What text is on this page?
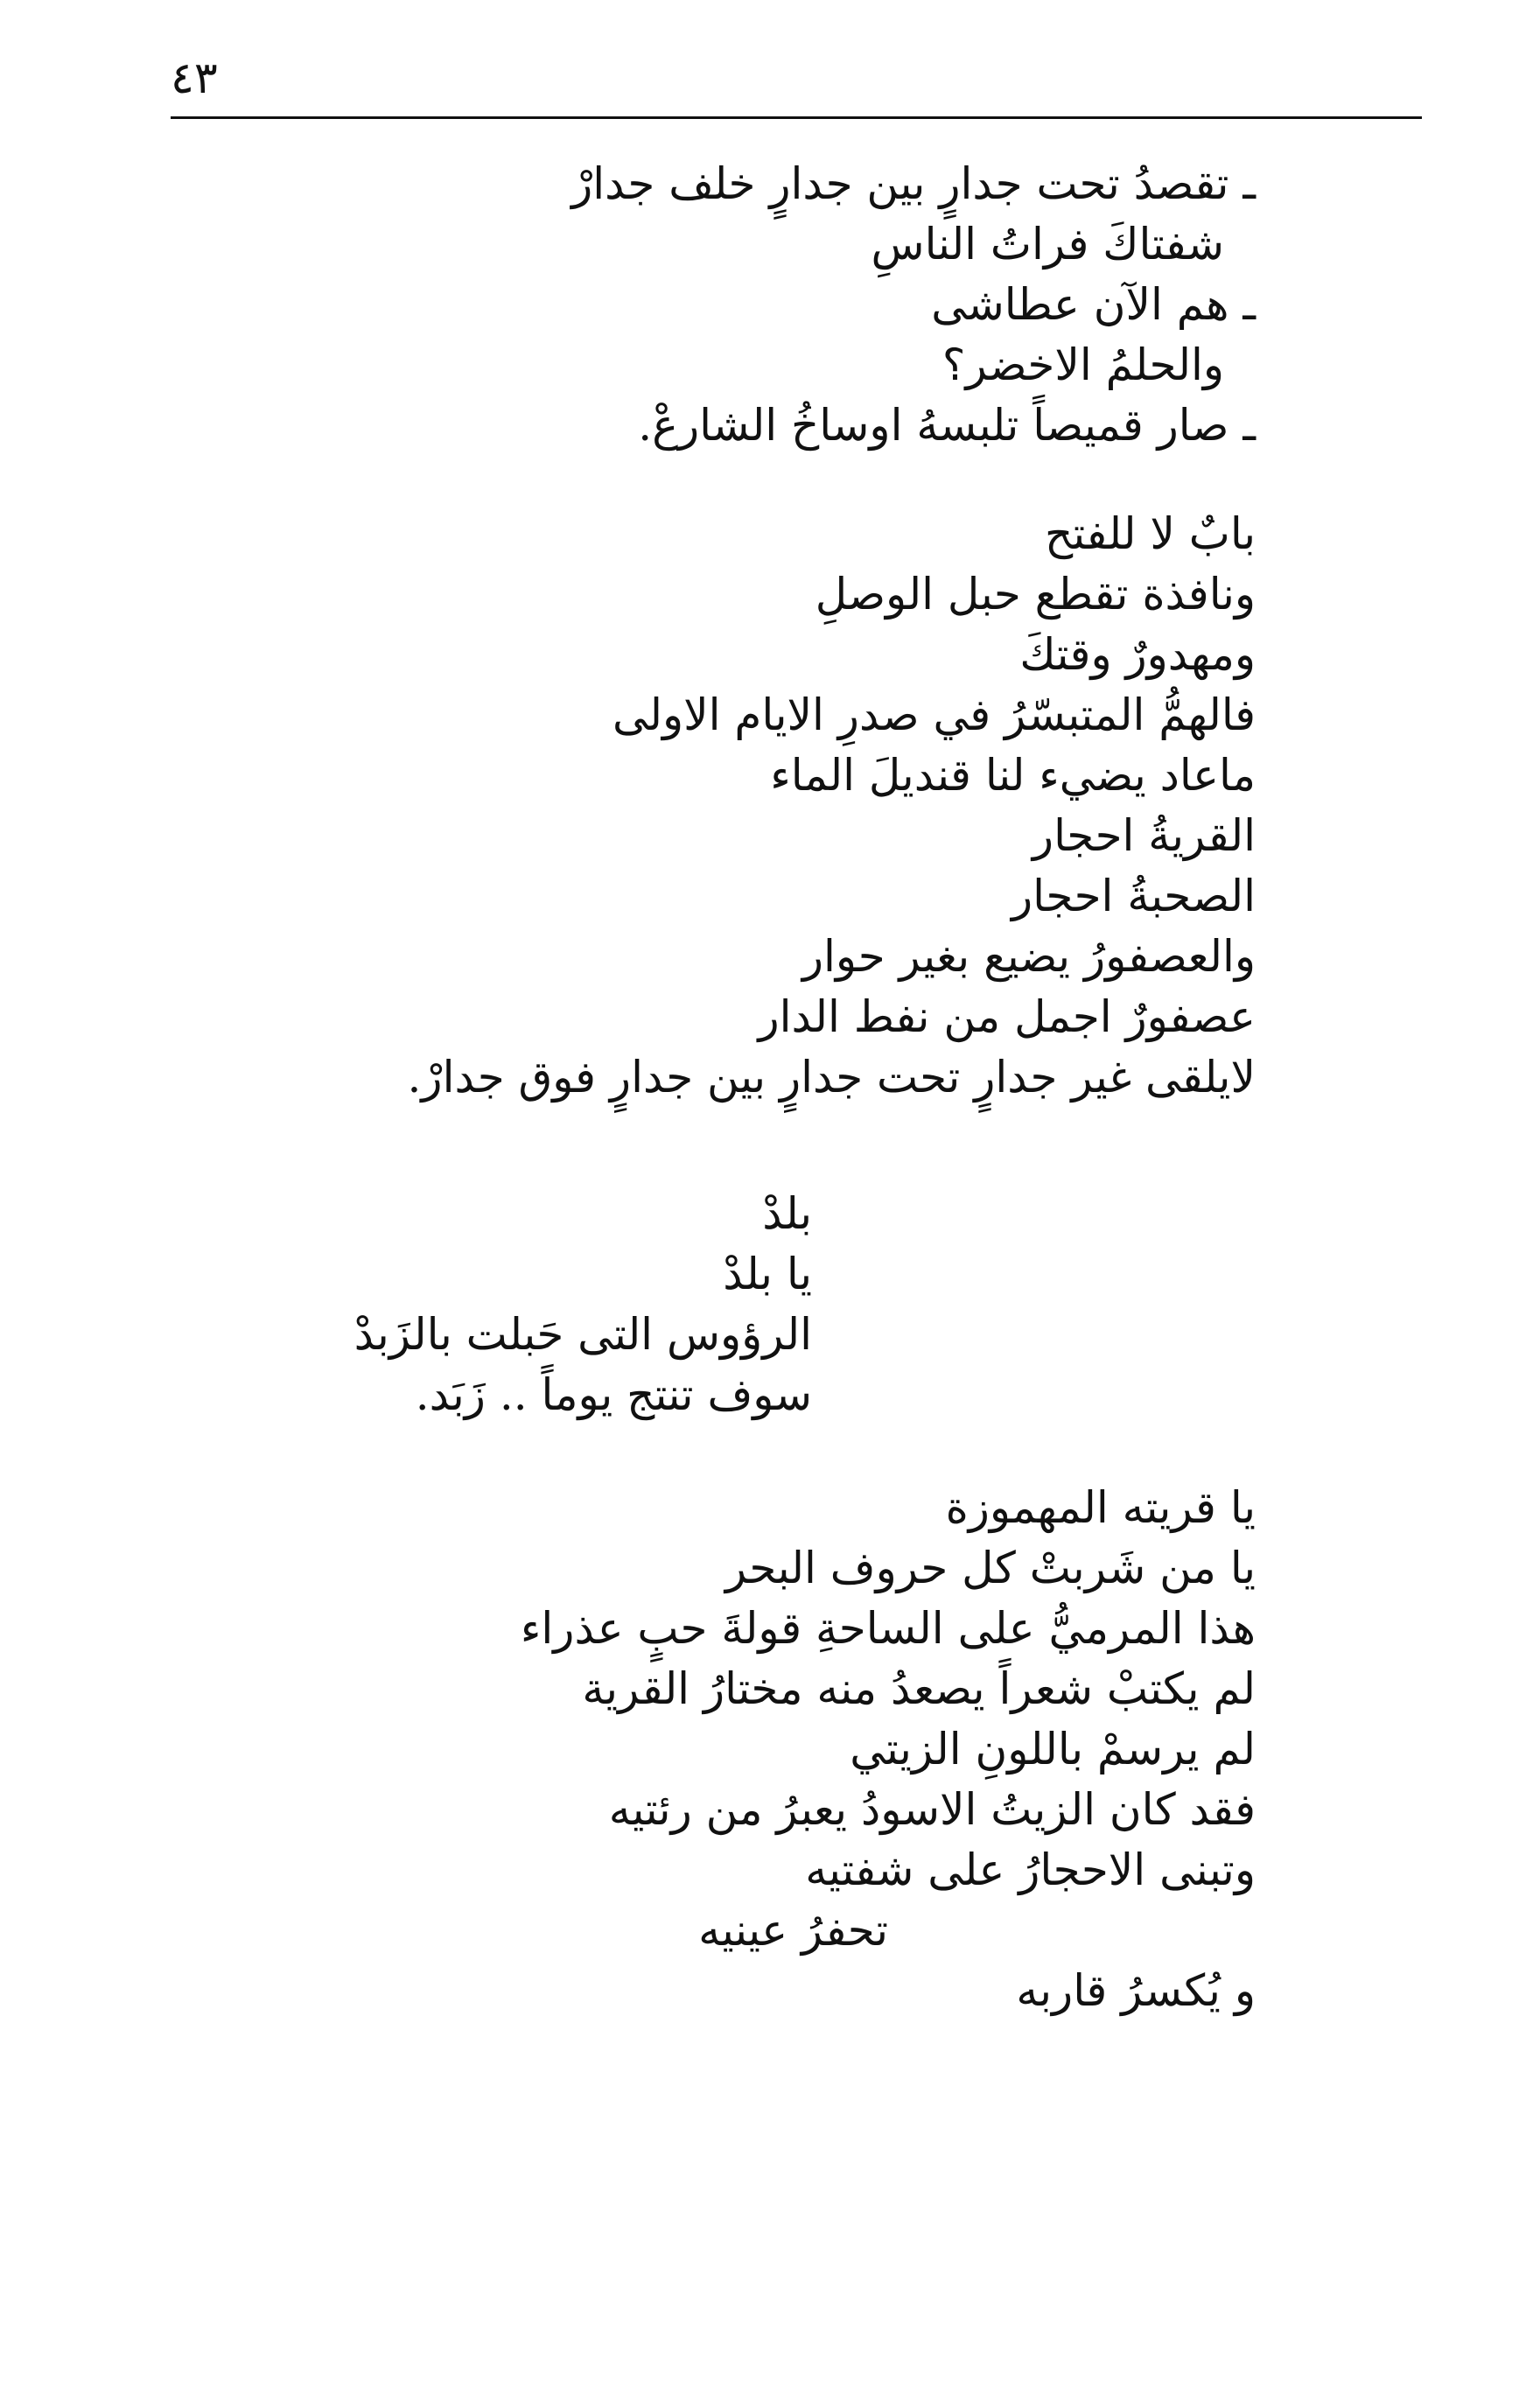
٤٣
ـ تقصدُ تحت جدارٍ بين جدارٍ خلف جدارْ
شفتاكَ فراتُ الناسِ
ـ هم الآن عطاشى
والحلمُ الاخضر؟
ـ صار قميصاً تلبسهُ اوساخُ الشارعْ.
بابٌ لا للفتح
ونافذة تقطع حبل الوصلِ
ومهدورٌ وقتكَ
فالهمُّ المتبسّرُ في صدرِ الايام الاولى
ماعاد يضيء لنا قنديلَ الماء
القريةُ احجار
الصحبةُ احجار
والعصفورُ يضيع بغير حوار
عصفورٌ اجمل من نفط الدار
لايلقى غير جدارٍ تحت جدارٍ بين جدارٍ فوق جدارْ.
بلدْ
يا بلدْ
الرؤوس التى حَبلت بالزَبدْ
سوف تنتج يوماً .. زَبَد.
يا قريته المهموزة
يا من شَربتْ كل حروف البحر
هذا المرميُّ على الساحةِ قولةَ حبٍ عذراء
لم يكتبْ شعراً يصعدُ منه مختارُ القرية
لم يرسمْ باللونِ الزيتي
فقد كان الزيتُ الاسودُ يعبرُ من رئتيه
وتبنى الاحجارُ على شفتيه
تحفرُ عينيه
و يُكسرُ قاربه
